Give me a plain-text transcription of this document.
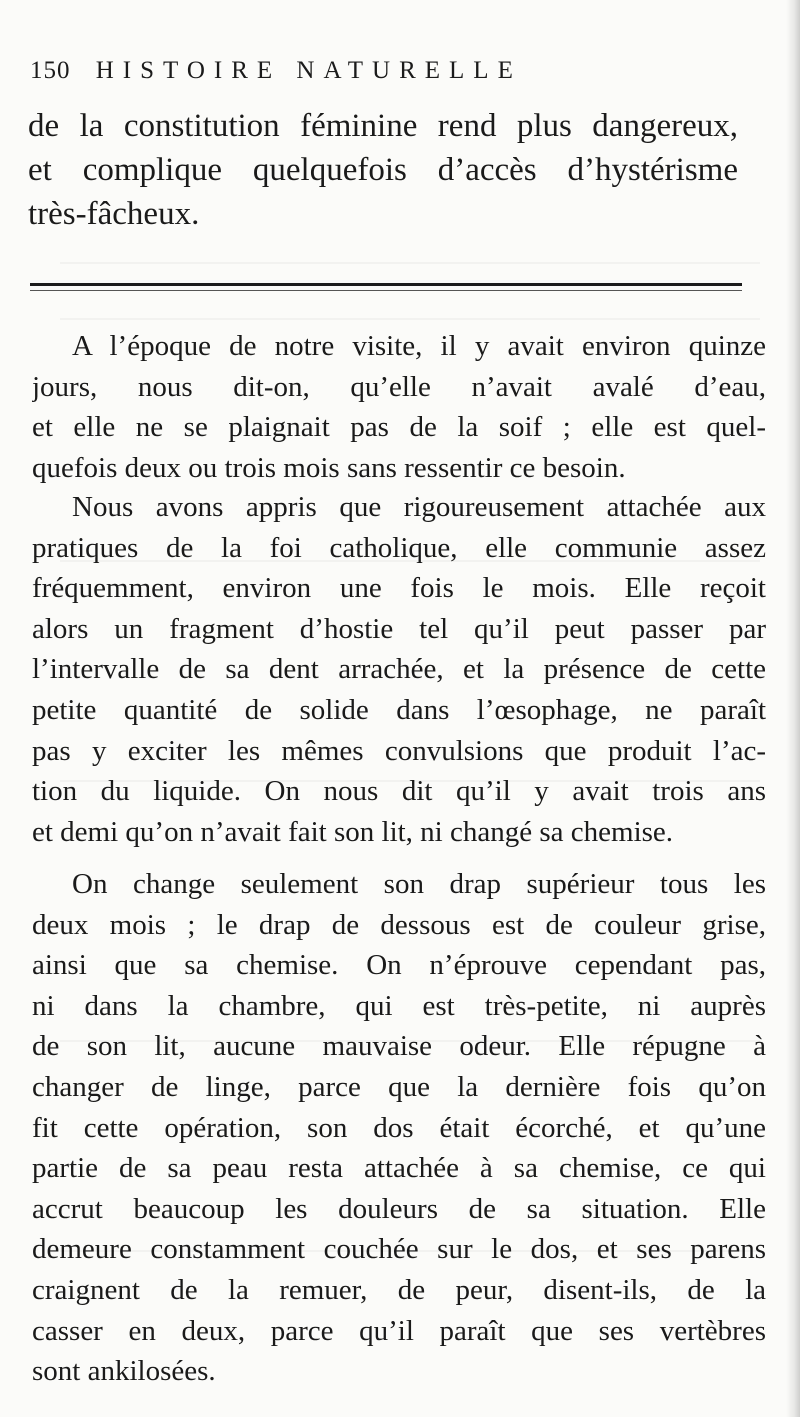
150 HISTOIRE NATURELLE
de la constitution féminine rend plus dangereux,
et complique quelquefois d’accès d’hystérisme
très-fâcheux.
A l’époque de notre visite, il y avait environ quinze
jours, nous dit-on, qu’elle n’avait avalé d’eau,
et elle ne se plaignait pas de la soif ; elle est quel-
quefois deux ou trois mois sans ressentir ce besoin.
Nous avons appris que rigoureusement attachée aux
pratiques de la foi catholique, elle communie assez
fréquemment, environ une fois le mois. Elle reçoit
alors un fragment d’hostie tel qu’il peut passer par
l’intervalle de sa dent arrachée, et la présence de cette
petite quantité de solide dans l’œsophage, ne paraît
pas y exciter les mêmes convulsions que produit l’ac-
tion du liquide. On nous dit qu’il y avait trois ans
et demi qu’on n’avait fait son lit, ni changé sa chemise.
On change seulement son drap supérieur tous les
deux mois ; le drap de dessous est de couleur grise,
ainsi que sa chemise. On n’éprouve cependant pas,
ni dans la chambre, qui est très-petite, ni auprès
de son lit, aucune mauvaise odeur. Elle répugne à
changer de linge, parce que la dernière fois qu’on
fit cette opération, son dos était écorché, et qu’une
partie de sa peau resta attachée à sa chemise, ce qui
accrut beaucoup les douleurs de sa situation. Elle
demeure constamment couchée sur le dos, et ses parens
craignent de la remuer, de peur, disent-ils, de la
casser en deux, parce qu’il paraît que ses vertèbres
sont ankilosées.
